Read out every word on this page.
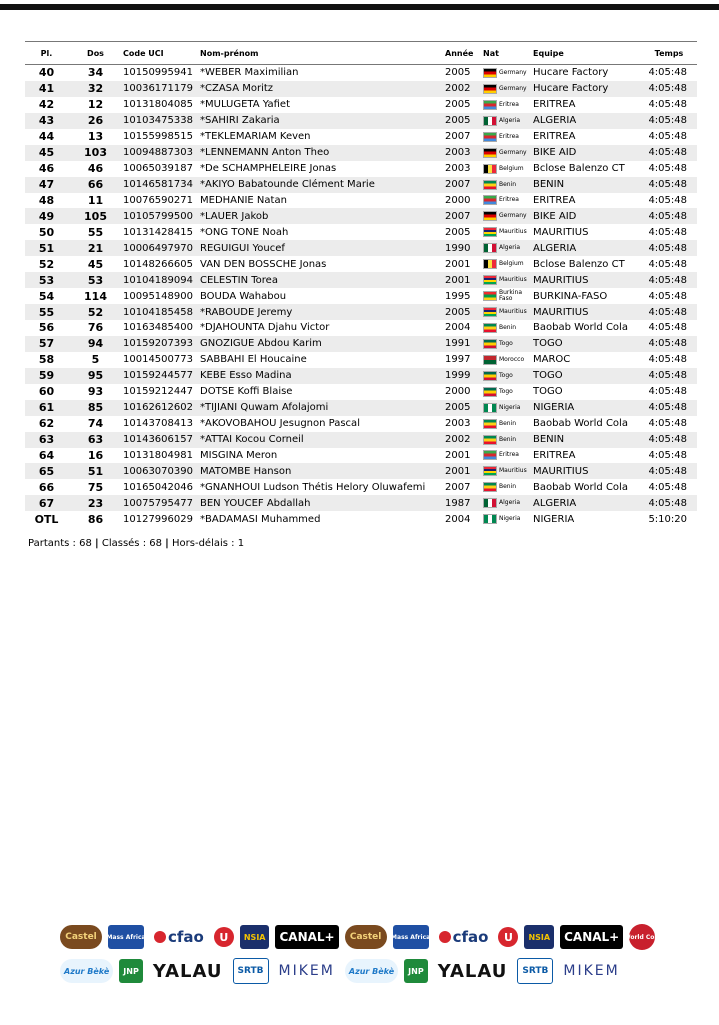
Pl.	Dos	Code UCI	Nom-prénom	Année	Nat	Equipe	Temps
40	34	10150995941	*WEBER Maximilian	2005	Germany	Hucare Factory	4:05:48
41	32	10036171179	*CZASA Moritz	2002	Germany	Hucare Factory	4:05:48
42	12	10131804085	*MULUGETA Yafiet	2005	Eritrea	ERITREA	4:05:48
43	26	10103475338	*SAHIRI Zakaria	2005	Algeria	ALGERIA	4:05:48
44	13	10155998515	*TEKLEMARIAM Keven	2007	Eritrea	ERITREA	4:05:48
45	103	10094887303	*LENNEMANN Anton Theo	2003	Germany	BIKE AID	4:05:48
46	46	10065039187	*De SCHAMPHELEIRE Jonas	2003	Belgium	Bclose Balenzo CT	4:05:48
47	66	10146581734	*AKIYO Babatounde Clément Marie	2007	Benin	BENIN	4:05:48
48	11	10076590271	MEDHANIE Natan	2000	Eritrea	ERITREA	4:05:48
49	105	10105799500	*LAUER Jakob	2007	Germany	BIKE AID	4:05:48
50	55	10131428415	*ONG TONE Noah	2005	Mauritius	MAURITIUS	4:05:48
51	21	10006497970	REGUIGUI Youcef	1990	Algeria	ALGERIA	4:05:48
52	45	10148266605	VAN DEN BOSSCHE Jonas	2001	Belgium	Bclose Balenzo CT	4:05:48
53	53	10104189094	CELESTIN Torea	2001	Mauritius	MAURITIUS	4:05:48
54	114	10095148900	BOUDA Wahabou	1995	Burkina Faso	BURKINA-FASO	4:05:48
55	52	10104185458	*RABOUDE Jeremy	2005	Mauritius	MAURITIUS	4:05:48
56	76	10163485400	*DJAHOUNTA Djahu Victor	2004	Benin	Baobab World Cola	4:05:48
57	94	10159207393	GNOZIGUE Abdou Karim	1991	Togo	TOGO	4:05:48
58	5	10014500773	SABBAHI El Houcaine	1997	Morocco	MAROC	4:05:48
59	95	10159244577	KEBE Esso Madina	1999	Togo	TOGO	4:05:48
60	93	10159212447	DOTSE Koffi Blaise	2000	Togo	TOGO	4:05:48
61	85	10162612602	*TIJIANI Quwam Afolajomi	2005	Nigeria	NIGERIA	4:05:48
62	74	10143708413	*AKOVOBAHOU Jesugnon Pascal	2003	Benin	Baobab World Cola	4:05:48
63	63	10143606157	*ATTAI Kocou Corneil	2002	Benin	BENIN	4:05:48
64	16	10131804981	MISGINA Meron	2001	Eritrea	ERITREA	4:05:48
65	51	10063070390	MATOMBE Hanson	2001	Mauritius	MAURITIUS	4:05:48
66	75	10165042046	*GNANHOUI Ludson Thétis Helory Oluwafemi	2007	Benin	Baobab World Cola	4:05:48
67	23	10075795477	BEN YOUCEF Abdallah	1987	Algeria	ALGERIA	4:05:48
OTL	86	10127996029	*BADAMASI Muhammed	2004	Nigeria	NIGERIA	5:10:20
Partants : 68 | Classés : 68 | Hors-délais : 1
Castel Mass Africa cfao U NSIA CANAL+ Castel Mass Africa cfao U NSIA CANAL+ World Cola
Azur Bèkè JNP YALAU SRTB MIKEM Azur Bèkè JNP YALAU SRTB MIKEM
